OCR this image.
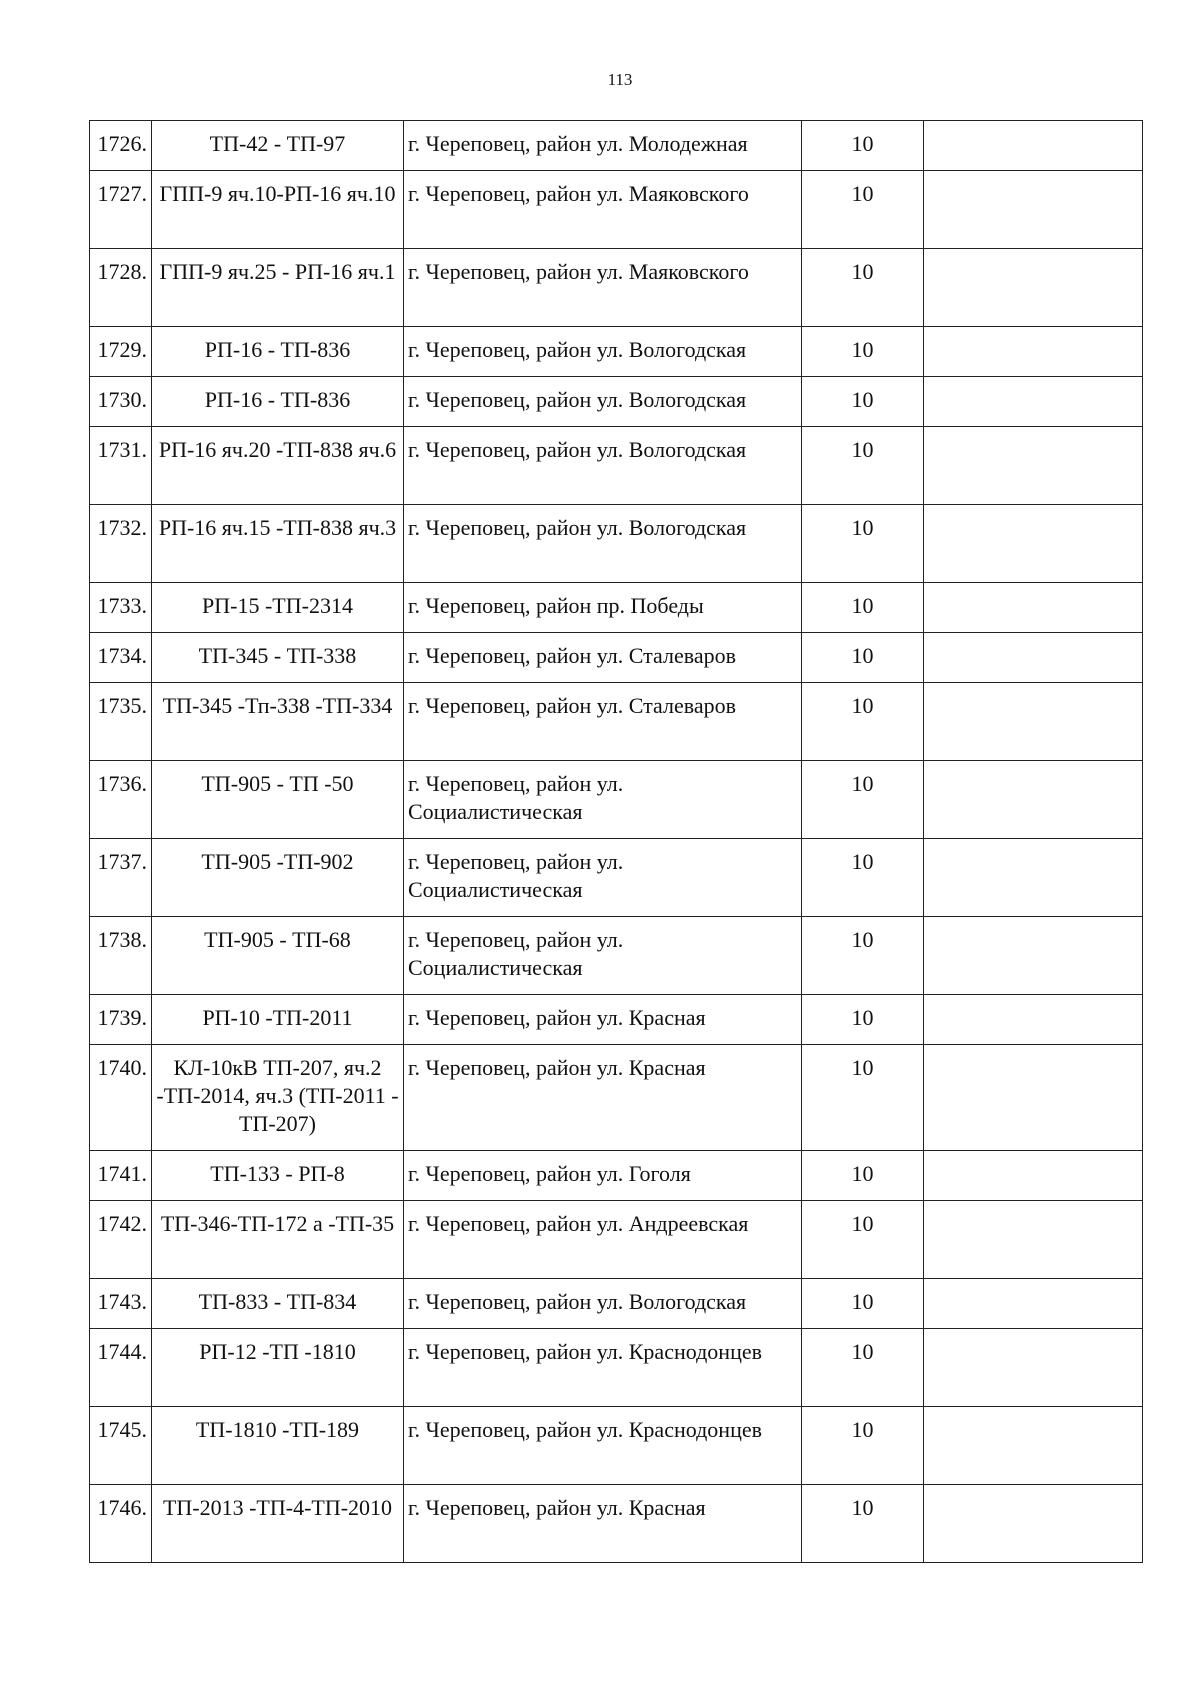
113
1726.	ТП-42 - ТП-97	г. Череповец, район ул. Молодежная	10	
1727.	ГПП-9 яч.10-РП-16 яч.10	г. Череповец, район ул. Маяковского	10	
1728.	ГПП-9 яч.25 - РП-16 яч.1	г. Череповец, район ул. Маяковского	10	
1729.	РП-16 - ТП-836	г. Череповец, район ул. Вологодская	10	
1730.	РП-16 - ТП-836	г. Череповец, район ул. Вологодская	10	
1731.	РП-16 яч.20 -ТП-838 яч.6	г. Череповец, район ул. Вологодская	10	
1732.	РП-16 яч.15 -ТП-838 яч.3	г. Череповец, район ул. Вологодская	10	
1733.	РП-15 -ТП-2314	г. Череповец, район пр. Победы	10	
1734.	ТП-345 - ТП-338	г. Череповец, район ул. Сталеваров	10	
1735.	ТП-345 -Тп-338 -ТП-334	г. Череповец, район ул. Сталеваров	10	
1736.	ТП-905 - ТП -50	г. Череповец, район ул. Социалистическая	10	
1737.	ТП-905 -ТП-902	г. Череповец, район ул. Социалистическая	10	
1738.	ТП-905 - ТП-68	г. Череповец, район ул. Социалистическая	10	
1739.	РП-10 -ТП-2011	г. Череповец, район ул. Красная	10	
1740.	КЛ-10кВ ТП-207, яч.2 -ТП-2014, яч.3 (ТП-2011 - ТП-207)	г. Череповец, район ул. Красная	10	
1741.	ТП-133 - РП-8	г. Череповец, район ул. Гоголя	10	
1742.	ТП-346-ТП-172 а -ТП-35	г. Череповец, район ул. Андреевская	10	
1743.	ТП-833 - ТП-834	г. Череповец, район ул. Вологодская	10	
1744.	РП-12 -ТП -1810	г. Череповец, район ул. Краснодонцев	10	
1745.	ТП-1810 -ТП-189	г. Череповец, район ул. Краснодонцев	10	
1746.	ТП-2013 -ТП-4-ТП-2010	г. Череповец, район ул. Красная	10	
